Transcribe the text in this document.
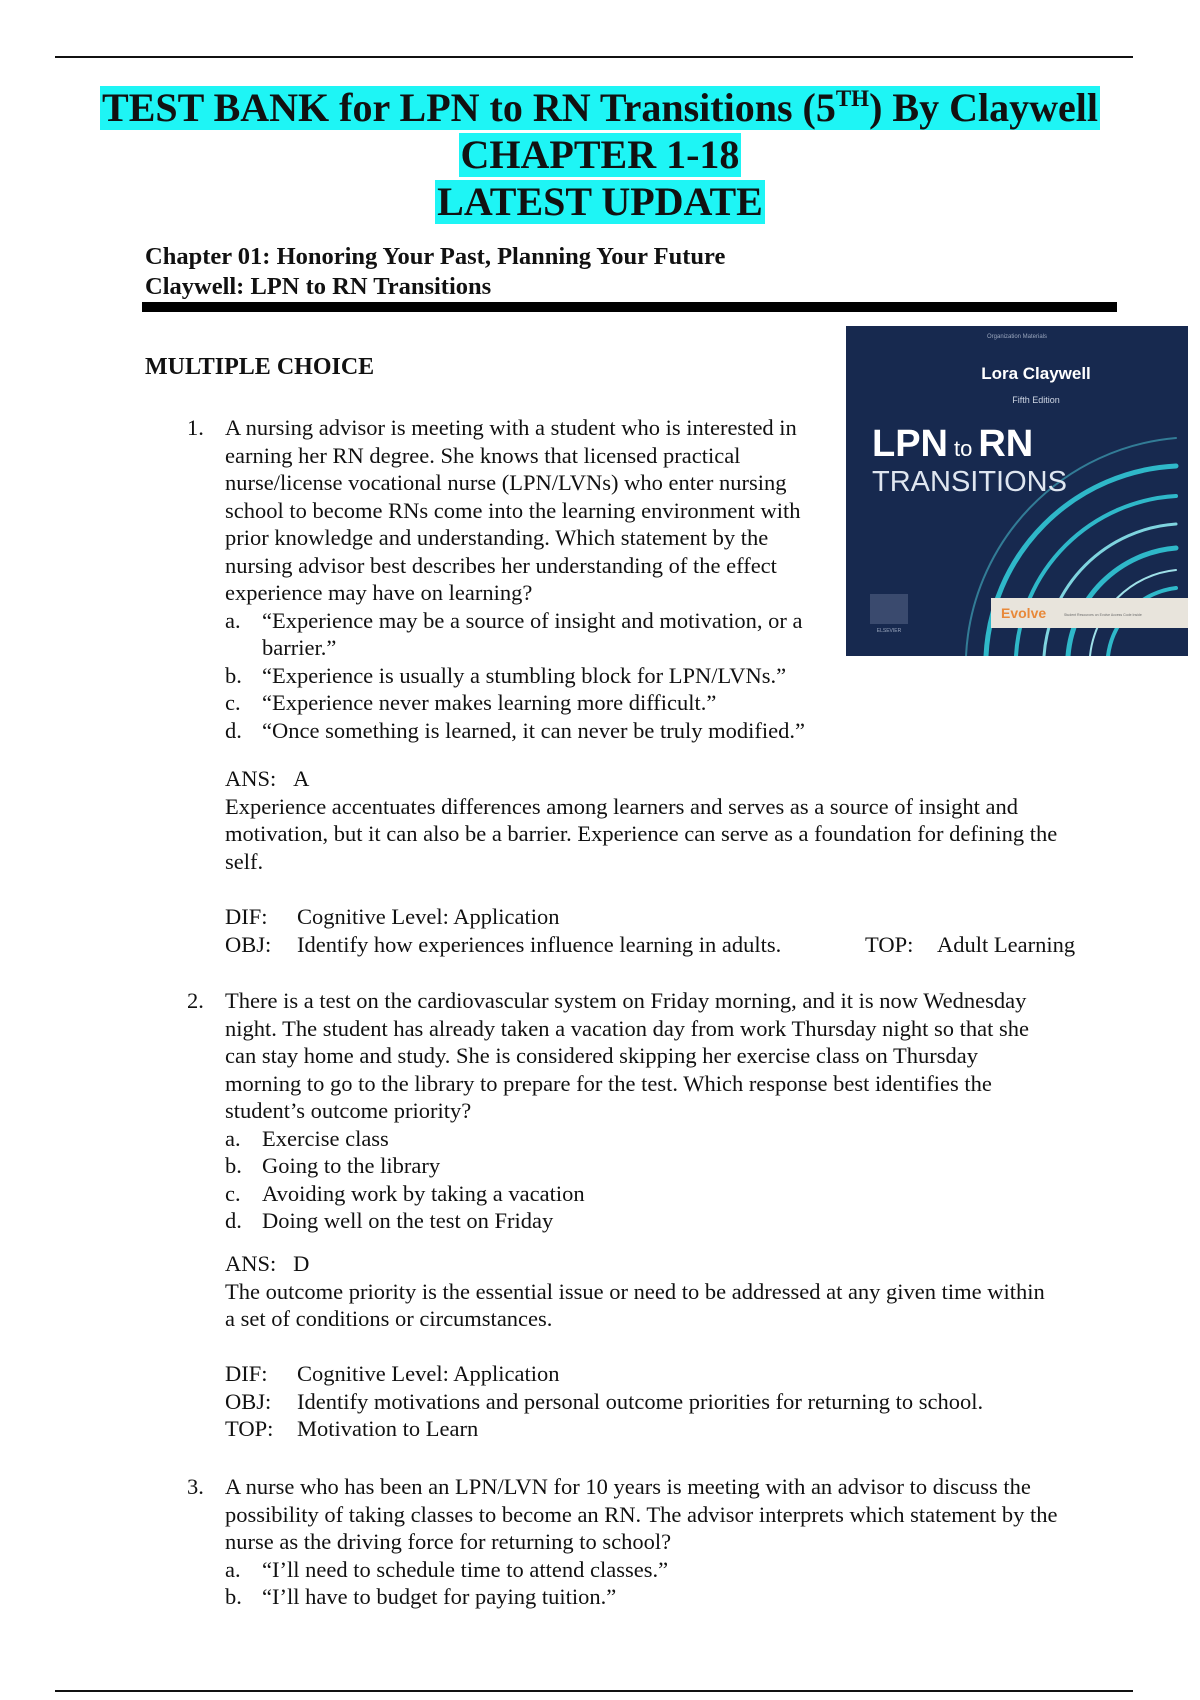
TEST BANK for LPN to RN Transitions (5TH) By Claywell
CHAPTER 1-18
LATEST UPDATE
Chapter 01: Honoring Your Past, Planning Your Future
Claywell: LPN to RN Transitions
Organization Materials
Lora Claywell
Fifth Edition
LPN to RN
TRANSITIONS
ELSEVIER
Evolve	Student Resources on Evolve Access Code Inside
MULTIPLE CHOICE
1. A nursing advisor is meeting with a student who is interested in
earning her RN degree. She knows that licensed practical
nurse/license vocational nurse (LPN/LVNs) who enter nursing
school to become RNs come into the learning environment with
prior knowledge and understanding. Which statement by the
nursing advisor best describes her understanding of the effect
experience may have on learning?
a. “Experience may be a source of insight and motivation, or a
barrier.”
b. “Experience is usually a stumbling block for LPN/LVNs.”
c. “Experience never makes learning more difficult.”
d. “Once something is learned, it can never be truly modified.”
ANS: A
Experience accentuates differences among learners and serves as a source of insight and
motivation, but it can also be a barrier. Experience can serve as a foundation for defining the
self.
DIF: Cognitive Level: Application
OBJ: Identify how experiences influence learning in adults.	TOP: Adult Learning
2. There is a test on the cardiovascular system on Friday morning, and it is now Wednesday
night. The student has already taken a vacation day from work Thursday night so that she
can stay home and study. She is considered skipping her exercise class on Thursday
morning to go to the library to prepare for the test. Which response best identifies the
student’s outcome priority?
a. Exercise class
b. Going to the library
c. Avoiding work by taking a vacation
d. Doing well on the test on Friday
ANS: D
The outcome priority is the essential issue or need to be addressed at any given time within
a set of conditions or circumstances.
DIF: Cognitive Level: Application
OBJ: Identify motivations and personal outcome priorities for returning to school.
TOP: Motivation to Learn
3. A nurse who has been an LPN/LVN for 10 years is meeting with an advisor to discuss the
possibility of taking classes to become an RN. The advisor interprets which statement by the
nurse as the driving force for returning to school?
a. “I’ll need to schedule time to attend classes.”
b. “I’ll have to budget for paying tuition.”
